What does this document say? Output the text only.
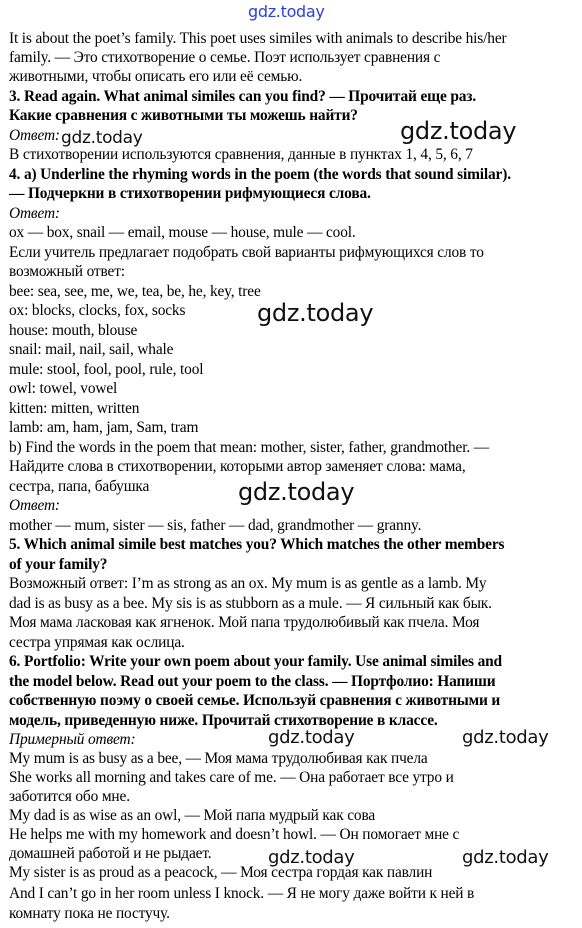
It is about the poet’s family. This poet uses similes with animals to describe his/her
family. — Это стихотворение о семье. Поэт использует сравнения с
животными, чтобы описать его или её семью.
3. Read again. What animal similes can you find? — Прочитай еще раз.
Какие сравнения с животными ты можешь найти?
Ответ:
В стихотворении используются сравнения, данные в пунктах 1, 4, 5, 6, 7
4. a) Underline the rhyming words in the poem (the words that sound similar).
— Подчеркни в стихотворении рифмующиеся слова.
Ответ:
ox — box, snail — email, mouse — house, mule — cool.
Если учитель предлагает подобрать свой варианты рифмующихся слов то
возможный ответ:
bee: sea, see, me, we, tea, be, he, key, tree
ox: blocks, clocks, fox, socks
house: mouth, blouse
snail: mail, nail, sail, whale
mule: stool, fool, pool, rule, tool
owl: towel, vowel
kitten: mitten, written
lamb: am, ham, jam, Sam, tram
b) Find the words in the poem that mean: mother, sister, father, grandmother. —
Найдите слова в стихотворении, которыми автор заменяет слова: мама,
сестра, папа, бабушка
Ответ:
mother — mum, sister — sis, father — dad, grandmother — granny.
5. Which animal simile best matches you? Which matches the other members
of your family?
Возможный ответ: I’m as strong as an ox. My mum is as gentle as a lamb. My
dad is as busy as a bee. My sis is as stubborn as a mule. — Я сильный как бык.
Моя мама ласковая как ягненок. Мой папа трудолюбивый как пчела. Моя
сестра упрямая как ослица.
6. Portfolio: Write your own poem about your family. Use animal similes and
the model below. Read out your poem to the class. — Портфолио: Напиши
собственную поэму о своей семье. Используй сравнения с животными и
модель, приведенную ниже. Прочитай стихотворение в классе.
Примерный ответ:
My mum is as busy as a bee, — Моя мама трудолюбивая как пчела
She works all morning and takes care of me. — Она работает все утро и
заботится обо мне.
My dad is as wise as an owl, — Мой папа мудрый как сова
He helps me with my homework and doesn’t howl. — Он помогает мне с
домашней работой и не рыдает.
My sister is as proud as a peacock, — Моя сестра гордая как павлин
And I can’t go in her room unless I knock. — Я не могу даже войти к ней в
комнату пока не постучу.
gdz.today
gdz.today	gdz.today
gdz.today
gdz.today
gdz.today	gdz.today
gdz.today	gdz.today
